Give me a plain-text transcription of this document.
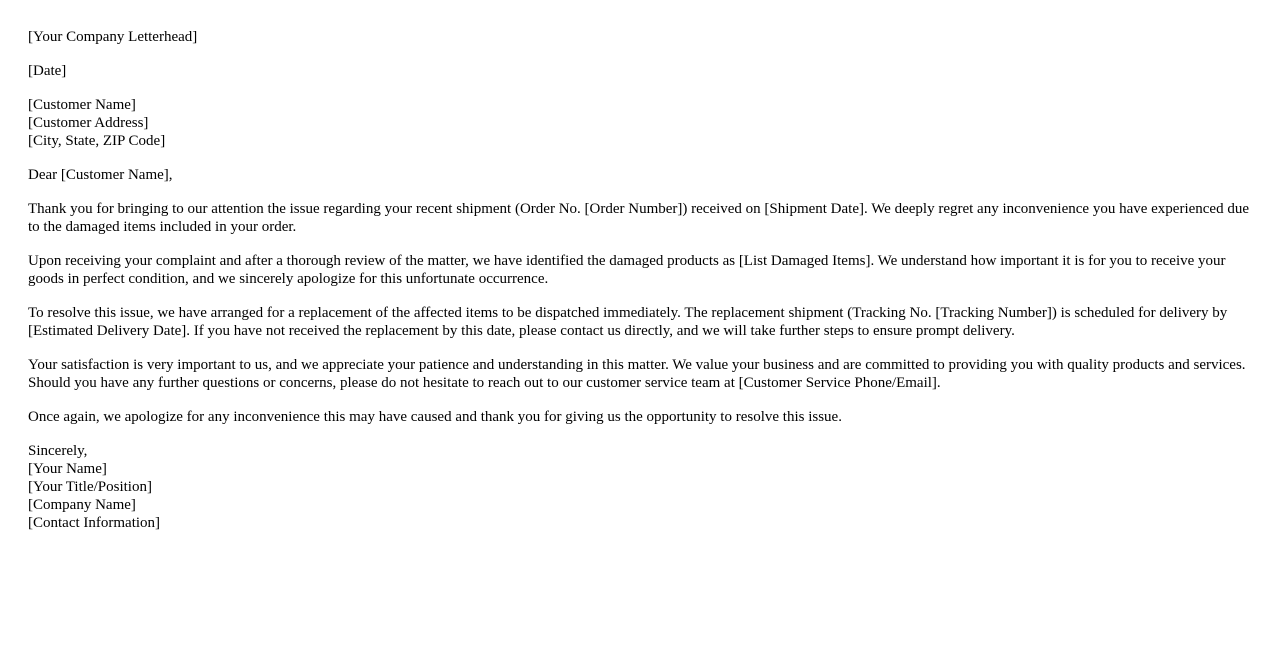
[Your Company Letterhead]
[Date]
[Customer Name]
[Customer Address]
[City, State, ZIP Code]
Dear [Customer Name],

Thank you for bringing to our attention the issue regarding your recent shipment (Order No. [Order Number]) received on [Shipment Date]. We deeply regret any inconvenience you have experienced due to the damaged items included in your order.

Upon receiving your complaint and after a thorough review of the matter, we have identified the damaged products as [List Damaged Items]. We understand how important it is for you to receive your goods in perfect condition, and we sincerely apologize for this unfortunate occurrence.

To resolve this issue, we have arranged for a replacement of the affected items to be dispatched immediately. The replacement shipment (Tracking No. [Tracking Number]) is scheduled for delivery by [Estimated Delivery Date]. If you have not received the replacement by this date, please contact us directly, and we will take further steps to ensure prompt delivery.

Your satisfaction is very important to us, and we appreciate your patience and understanding in this matter. We value your business and are committed to providing you with quality products and services. Should you have any further questions or concerns, please do not hesitate to reach out to our customer service team at [Customer Service Phone/Email].

Once again, we apologize for any inconvenience this may have caused and thank you for giving us the opportunity to resolve this issue.

Sincerely,
[Your Name]
[Your Title/Position]
[Company Name]
[Contact Information]
